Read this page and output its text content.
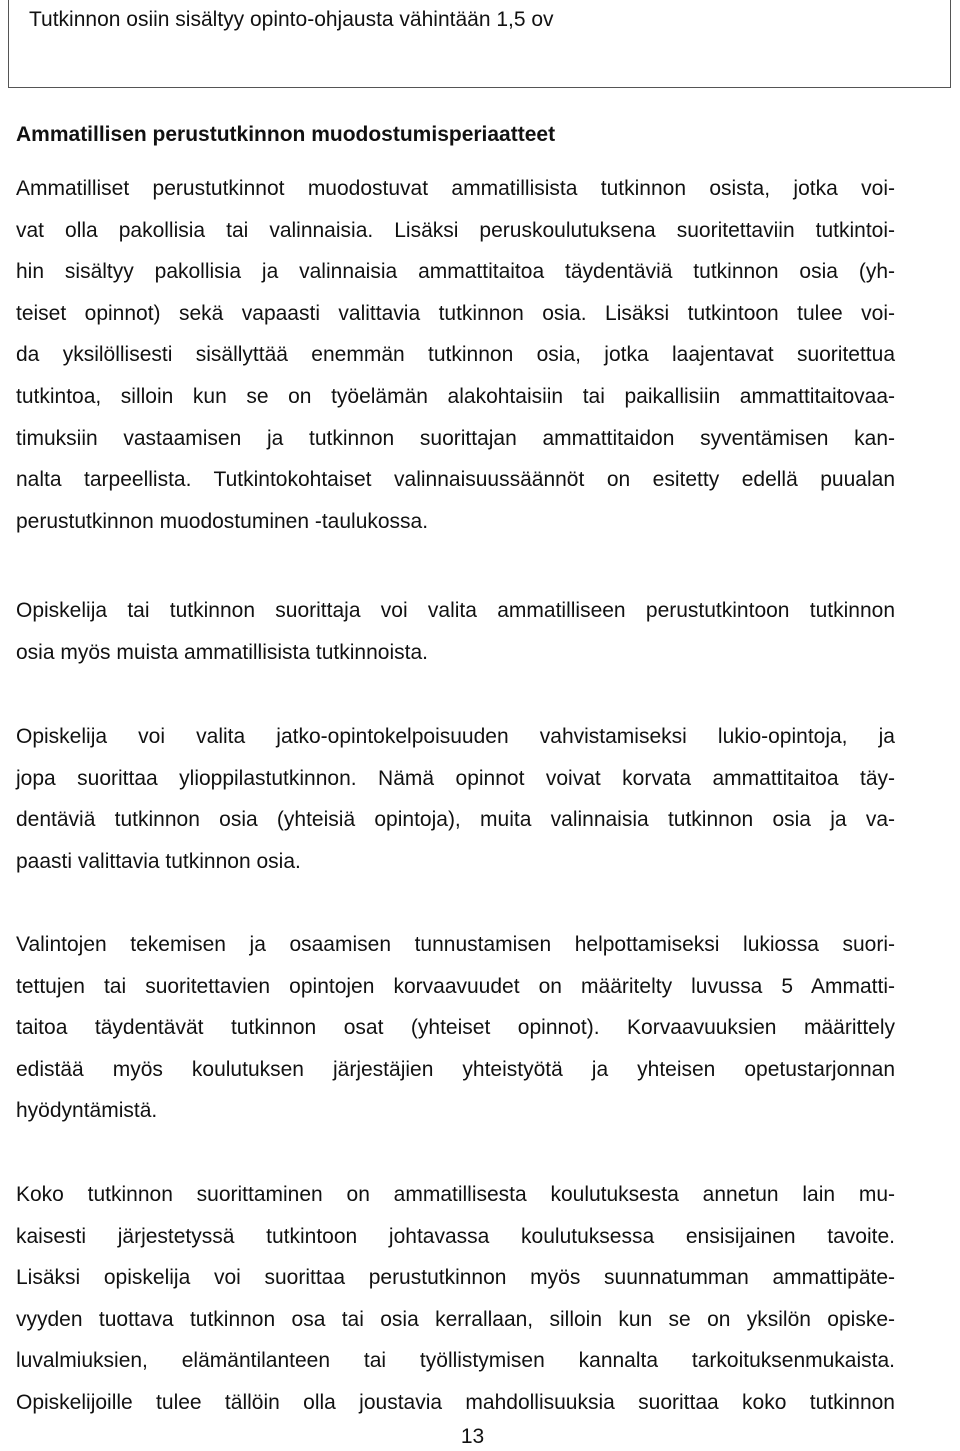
Tutkinnon osiin sisältyy opinto-ohjausta vähintään 1,5 ov
Ammatillisen perustutkinnon muodostumisperiaatteet
Ammatilliset perustutkinnot muodostuvat ammatillisista tutkinnon osista, jotka voi-
vat olla pakollisia tai valinnaisia. Lisäksi peruskoulutuksena suoritettaviin tutkintoi-
hin sisältyy pakollisia ja valinnaisia ammattitaitoa täydentäviä tutkinnon osia (yh-
teiset opinnot) sekä vapaasti valittavia tutkinnon osia. Lisäksi tutkintoon tulee voi-
da yksilöllisesti sisällyttää enemmän tutkinnon osia, jotka laajentavat suoritettua
tutkintoa, silloin kun se on työelämän alakohtaisiin tai paikallisiin ammattitaitovaa-
timuksiin vastaamisen ja tutkinnon suorittajan ammattitaidon syventämisen kan-
nalta tarpeellista. Tutkintokohtaiset valinnaisuussäännöt on esitetty edellä puualan
perustutkinnon muodostuminen -taulukossa.
Opiskelija tai tutkinnon suorittaja voi valita ammatilliseen perustutkintoon tutkinnon
osia myös muista ammatillisista tutkinnoista.
Opiskelija voi valita jatko-opintokelpoisuuden vahvistamiseksi lukio-opintoja, ja
jopa suorittaa ylioppilastutkinnon. Nämä opinnot voivat korvata ammattitaitoa täy-
dentäviä tutkinnon osia (yhteisiä opintoja), muita valinnaisia tutkinnon osia ja va-
paasti valittavia tutkinnon osia.
Valintojen tekemisen ja osaamisen tunnustamisen helpottamiseksi lukiossa suori-
tettujen tai suoritettavien opintojen korvaavuudet on määritelty luvussa 5 Ammatti-
taitoa täydentävät tutkinnon osat (yhteiset opinnot). Korvaavuuksien määrittely
edistää myös koulutuksen järjestäjien yhteistyötä ja yhteisen opetustarjonnan
hyödyntämistä.
Koko tutkinnon suorittaminen on ammatillisesta koulutuksesta annetun lain mu-
kaisesti järjestetyssä tutkintoon johtavassa koulutuksessa ensisijainen tavoite.
Lisäksi opiskelija voi suorittaa perustutkinnon myös suunnatumman ammattipäte-
vyyden tuottava tutkinnon osa tai osia kerrallaan, silloin kun se on yksilön opiske-
luvalmiuksien, elämäntilanteen tai työllistymisen kannalta tarkoituksenmukaista.
Opiskelijoille tulee tällöin olla joustavia mahdollisuuksia suorittaa koko tutkinnon
13
